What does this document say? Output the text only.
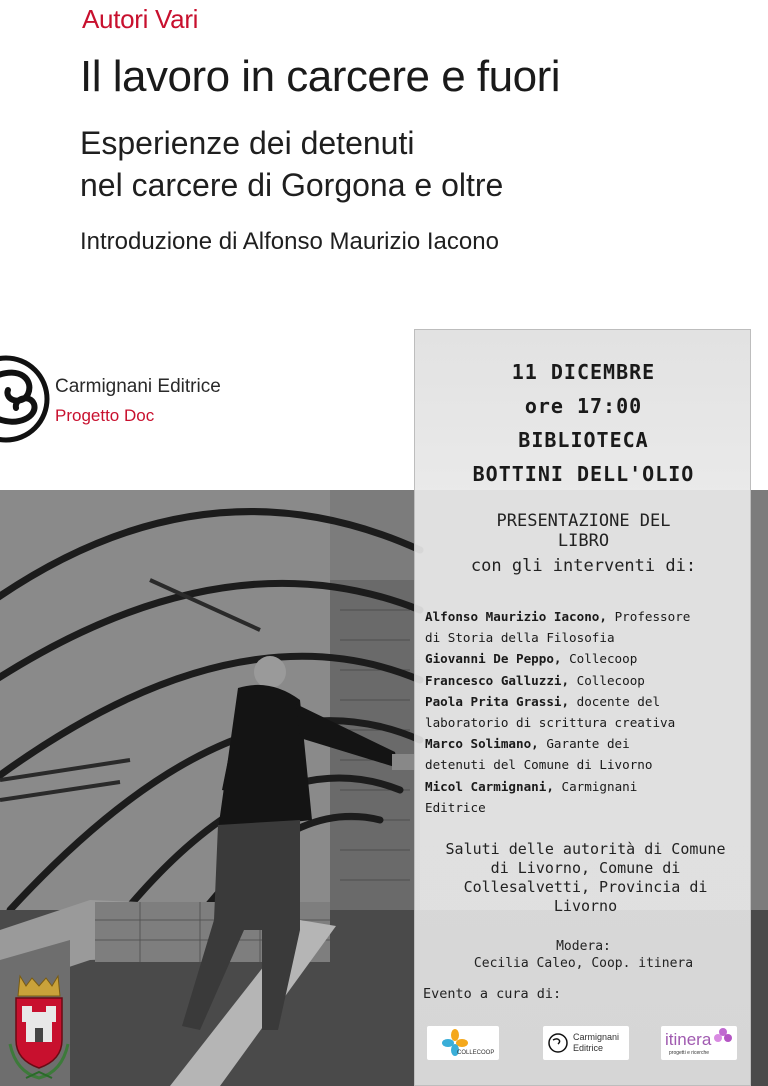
Autori Vari
Il lavoro in carcere e fuori
Esperienze dei detenuti
nel carcere di Gorgona e oltre
Introduzione di Alfonso Maurizio Iacono
Carmignani Editrice
Progetto Doc
11 DICEMBRE
ore 17:00
BIBLIOTECA
BOTTINI DELL'OLIO
PRESENTAZIONE DEL
LIBRO
con gli interventi di:
Alfonso Maurizio Iacono, Professore
di Storia della Filosofia
Giovanni De Peppo, Collecoop
Francesco Galluzzi, Collecoop
Paola Prita Grassi, docente del
laboratorio di scrittura creativa
Marco Solimano, Garante dei
detenuti del Comune di Livorno
Micol Carmignani, Carmignani
Editrice
Saluti delle autorità di Comune
di Livorno, Comune di
Collesalvetti, Provincia di
Livorno
Modera:
Cecilia Caleo, Coop. itinera
Evento a cura di:
COLLECOOP
Carmignani
Editrice	itinera
progetti e ricerche
